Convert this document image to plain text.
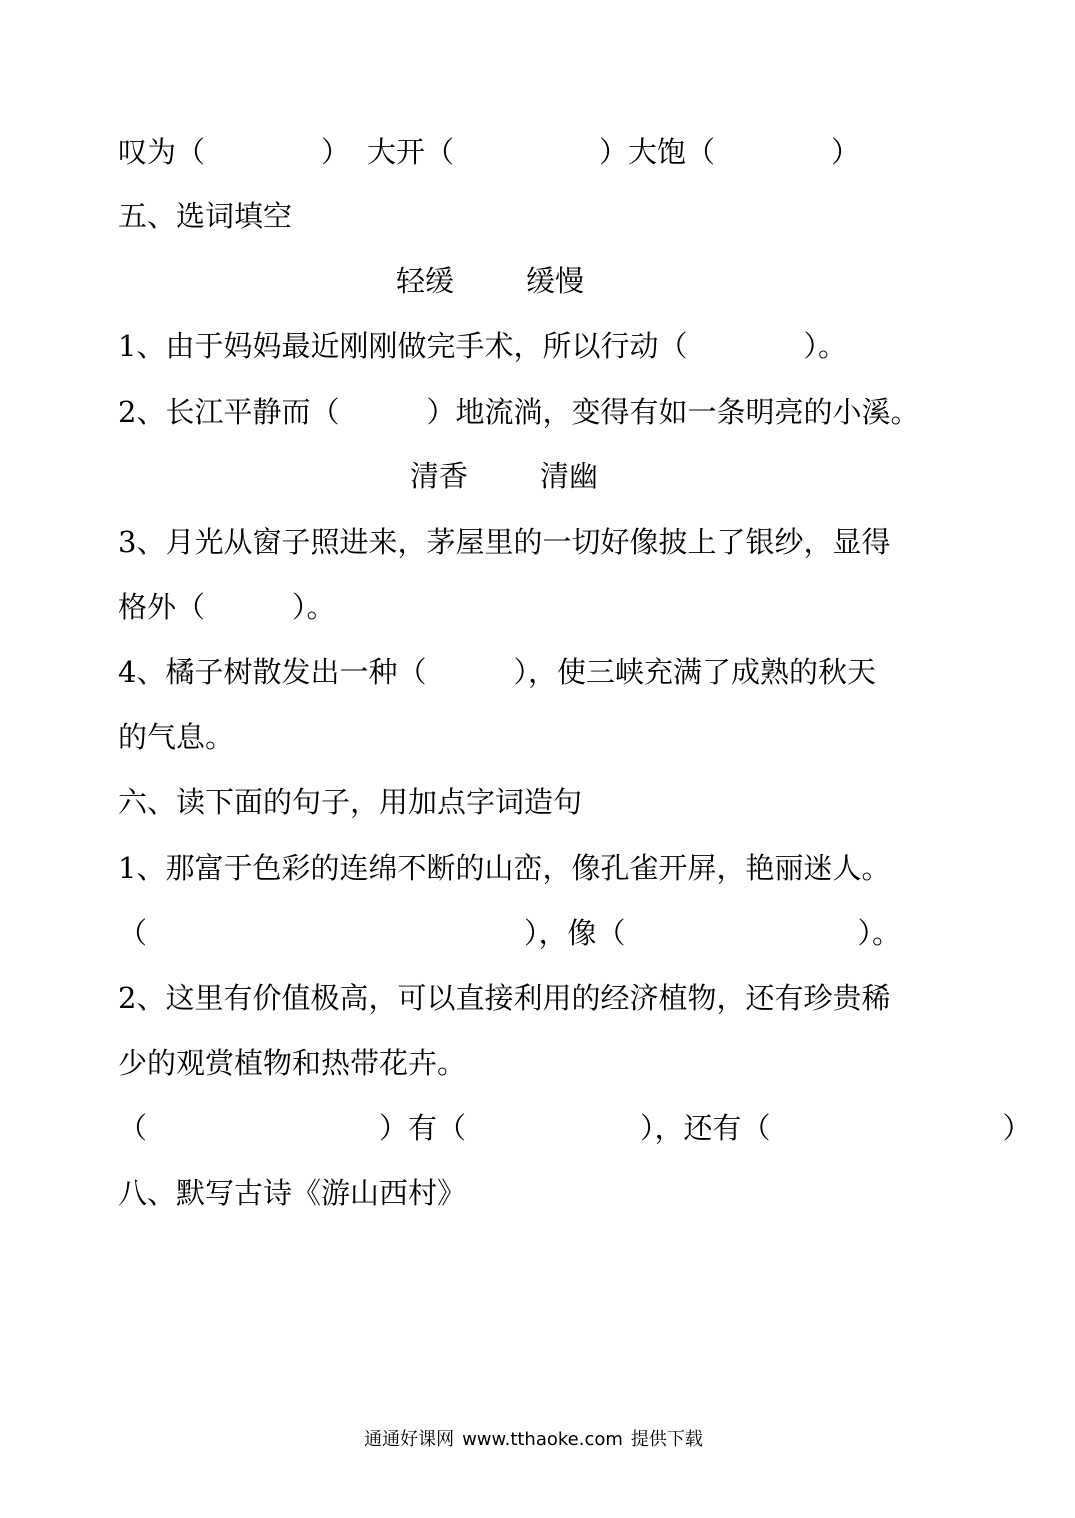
叹为（　　　　）

大开（　　　　　）

大饱（　　　　）

五、选词填空

轻缓

缓慢

1、由于妈妈最近刚刚做完手术，所以行动（　　　　）。

2、长江平静而（　　　）地流淌，变得有如一条明亮的小溪。

清香

清幽

3、月光从窗子照进来，茅屋里的一切好像披上了银纱，显得

格外（　　　）。

4、橘子树散发出一种（　　　），使三峡充满了成熟的秋天

的气息。

六、读下面的句子，用加点字词造句

1、那富于色彩的连绵不断的山峦，像孔雀开屏，艳丽迷人。

（　　　　　　　　　　　　　），像（　　　　　　　　）。

2、这里有价值极高，可以直接利用的经济植物，还有珍贵稀

少的观赏植物和热带花卉。

（　　　　　　　　）有（　　　　　　），还有（　　　　　　　　）

八、默写古诗《游山西村》

通通好课网 www.tthaoke.com 提供下载
